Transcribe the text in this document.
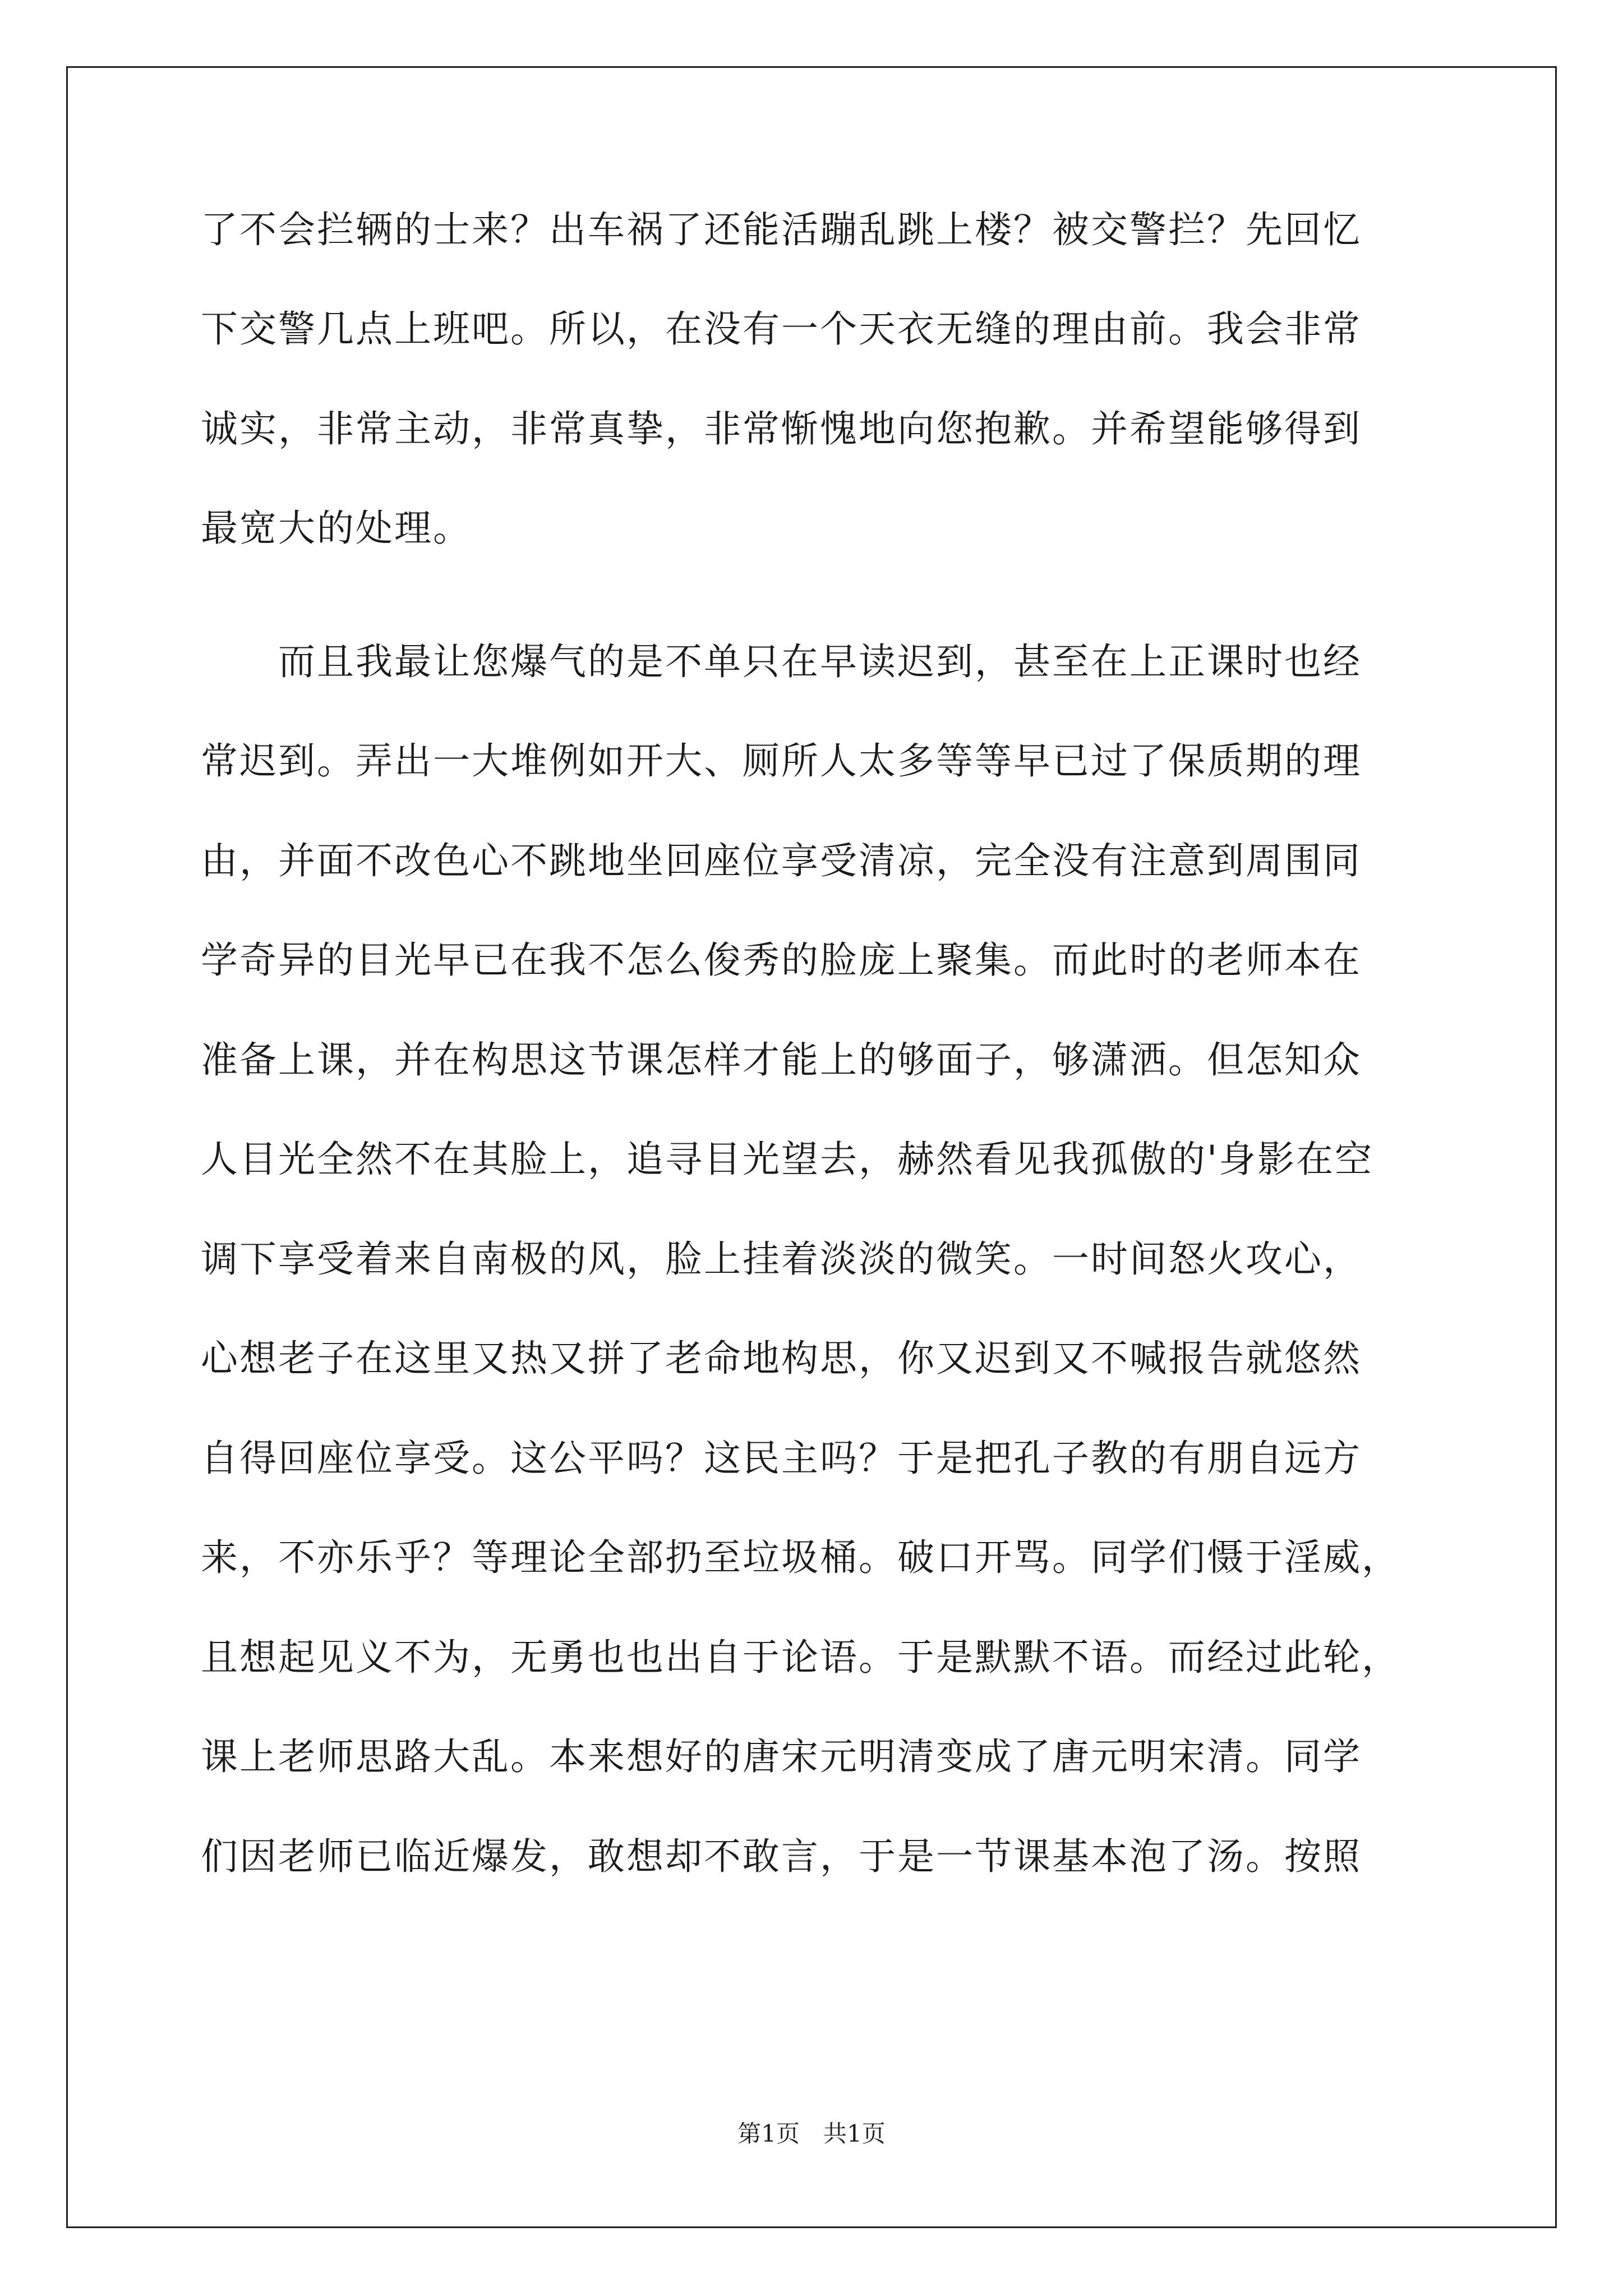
了不会拦辆的士来？出车祸了还能活蹦乱跳上楼？被交警拦？先回忆
下交警几点上班吧。所以，在没有一个天衣无缝的理由前。我会非常
诚实，非常主动，非常真挚，非常惭愧地向您抱歉。并希望能够得到
最宽大的处理。
　　而且我最让您爆气的是不单只在早读迟到，甚至在上正课时也经
常迟到。弄出一大堆例如开大、厕所人太多等等早已过了保质期的理
由，并面不改色心不跳地坐回座位享受清凉，完全没有注意到周围同
学奇异的目光早已在我不怎么俊秀的脸庞上聚集。而此时的老师本在
准备上课，并在构思这节课怎样才能上的够面子，够潇洒。但怎知众
人目光全然不在其脸上，追寻目光望去，赫然看见我孤傲的'身影在空
调下享受着来自南极的风，脸上挂着淡淡的微笑。一时间怒火攻心，
心想老子在这里又热又拼了老命地构思，你又迟到又不喊报告就悠然
自得回座位享受。这公平吗？这民主吗？于是把孔子教的有朋自远方
来，不亦乐乎？等理论全部扔至垃圾桶。破口开骂。同学们慑于淫威，
且想起见义不为，无勇也也出自于论语。于是默默不语。而经过此轮，
课上老师思路大乱。本来想好的唐宋元明清变成了唐元明宋清。同学
们因老师已临近爆发，敢想却不敢言，于是一节课基本泡了汤。按照
第1页　共1页
